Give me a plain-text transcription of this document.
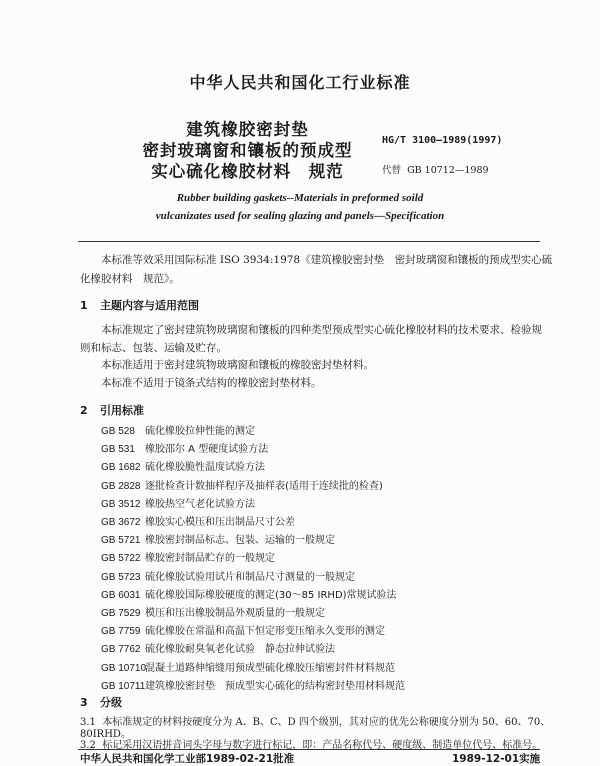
中华人民共和国化工行业标准
建筑橡胶密封垫
密封玻璃窗和镶板的预成型
实心硫化橡胶材料　规范
HG/T 3100—1989(1997)
代替 GB 10712—1989
Rubber building gaskets--Materials in preformed soild
vulcanizates used for sealing glazing and panels—Specification
本标准等效采用国际标准 ISO 3934:1978《建筑橡胶密封垫　密封玻璃窗和镶板的预成型实心硫
化橡胶材料　规范》。
1 主题内容与适用范围
本标准规定了密封建筑物玻璃窗和镶板的四种类型预成型实心硫化橡胶材料的技术要求、检验规
则和标志、包装、运输及贮存。
本标准适用于密封建筑物玻璃窗和镶板的橡胶密封垫材料。
本标准不适用于镜条式结构的橡胶密封垫材料。
2 引用标准
GB 528 硫化橡胶拉伸性能的测定
GB 531 橡胶邵尔 A 型硬度试验方法
GB 1682 硫化橡胶脆性温度试验方法
GB 2828 逐批检查计数抽样程序及抽样表(适用于连续批的检查)
GB 3512 橡胶热空气老化试验方法
GB 3672 橡胶实心模压和压出制品尺寸公差
GB 5721 橡胶密封制品标志、包装、运输的一般规定
GB 5722 橡胶密封制品贮存的一般规定
GB 5723 硫化橡胶试验用试片和制品尺寸测量的一般规定
GB 6031 硫化橡胶国际橡胶硬度的测定(30～85 IRHD)常规试验法
GB 7529 模压和压出橡胶制品外观质量的一般规定
GB 7759 硫化橡胶在常温和高温下恒定形变压缩永久变形的测定
GB 7762 硫化橡胶耐臭氧老化试验　静态拉伸试验法
GB 10710混凝土道路伸缩缝用预成型硫化橡胶压缩密封件材料规范
GB 10711建筑橡胶密封垫　预成型实心硫化的结构密封垫用材料规范
3 分级
3.1 本标准规定的材料按硬度分为 A、B、C、D 四个级别，其对应的优先公称硬度分别为 50、60、70、
80IRHD。
3.2 标记采用汉语拼音词头字母与数字进行标记，即：产品名称代号、硬度级、制造单位代号、标准号。
中华人民共和国化学工业部1989-02-21批准	1989-12-01实施
